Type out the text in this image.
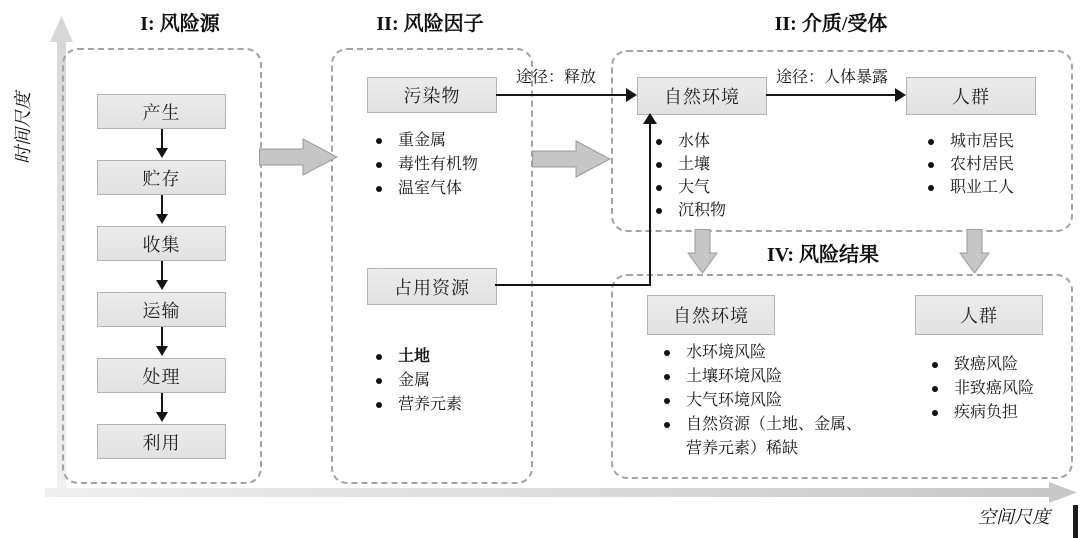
时间尺度
空间尺度
I: 风险源	II: 风险因子	II: 介质/受体
IV: 风险结果
产生
贮存
收集
运输
处理
利用
污染物
重金属
毒性有机物
温室气体
占用资源
土地
金属
营养元素
自然环境
水体
土壤
大气
沉积物
人群
城市居民
农村居民
职业工人
自然环境
水环境风险
土壤环境风险
大气环境风险
自然资源（土地、金属、营养元素）稀缺
人群
致癌风险
非致癌风险
疾病负担
途径：释放	途径：人体暴露
